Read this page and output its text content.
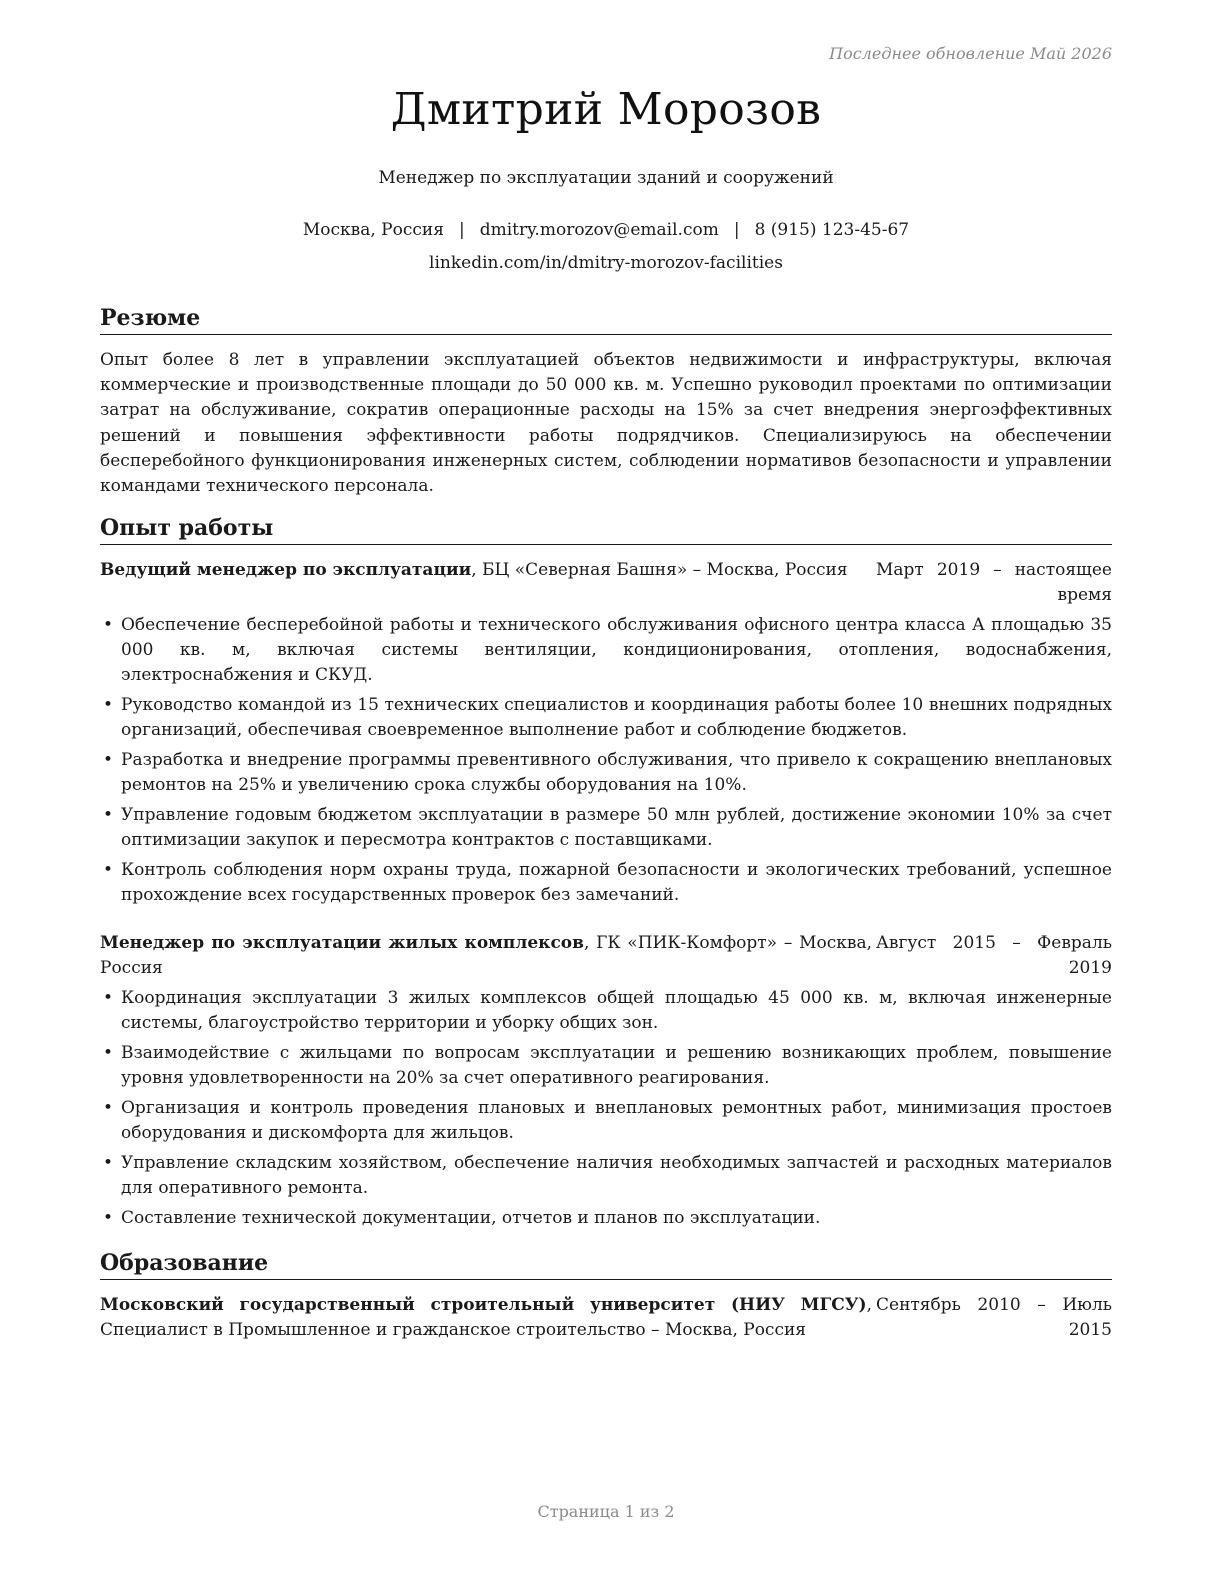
Последнее обновление Май 2026
Дмитрий Морозов
Менеджер по эксплуатации зданий и сооружений
Москва, Россия | dmitry.morozov@email.com | 8 (915) 123-45-67
linkedin.com/in/dmitry-morozov-facilities
Резюме
Опыт более 8 лет в управлении эксплуатацией объектов недвижимости и инфраструктуры, включая коммерческие и производственные площади до 50 000 кв. м. Успешно руководил проектами по оптимизации затрат на обслуживание, сократив операционные расходы на 15% за счет внедрения энергоэффективных решений и повышения эффективности работы подрядчиков. Специализируюсь на обеспечении бесперебойного функционирования инженерных систем, соблюдении нормативов безопасности и управлении командами технического персонала.
Опыт работы
Ведущий менеджер по эксплуатации, БЦ «Северная Башня» – Москва, Россия	Март 2019 – настоящее время
• Обеспечение бесперебойной работы и технического обслуживания офисного центра класса А площадью 35 000 кв. м, включая системы вентиляции, кондиционирования, отопления, водоснабжения, электроснабжения и СКУД.
• Руководство командой из 15 технических специалистов и координация работы более 10 внешних подрядных организаций, обеспечивая своевременное выполнение работ и соблюдение бюджетов.
• Разработка и внедрение программы превентивного обслуживания, что привело к сокращению внеплановых ремонтов на 25% и увеличению срока службы оборудования на 10%.
• Управление годовым бюджетом эксплуатации в размере 50 млн рублей, достижение экономии 10% за счет оптимизации закупок и пересмотра контрактов с поставщиками.
• Контроль соблюдения норм охраны труда, пожарной безопасности и экологических требований, успешное прохождение всех государственных проверок без замечаний.
Менеджер по эксплуатации жилых комплексов, ГК «ПИК-Комфорт» – Москва, Россия
Август 2015 – Февраль 2019
• Координация эксплуатации 3 жилых комплексов общей площадью 45 000 кв. м, включая инженерные системы, благоустройство территории и уборку общих зон.
• Взаимодействие с жильцами по вопросам эксплуатации и решению возникающих проблем, повышение уровня удовлетворенности на 20% за счет оперативного реагирования.
• Организация и контроль проведения плановых и внеплановых ремонтных работ, минимизация простоев оборудования и дискомфорта для жильцов.
• Управление складским хозяйством, обеспечение наличия необходимых запчастей и расходных материалов для оперативного ремонта.
• Составление технической документации, отчетов и планов по эксплуатации.
Образование
Московский государственный строительный университет (НИУ МГСУ), Специалист в Промышленное и гражданское строительство – Москва, Россия
Сентябрь 2010 – Июль 2015
Страница 1 из 2
